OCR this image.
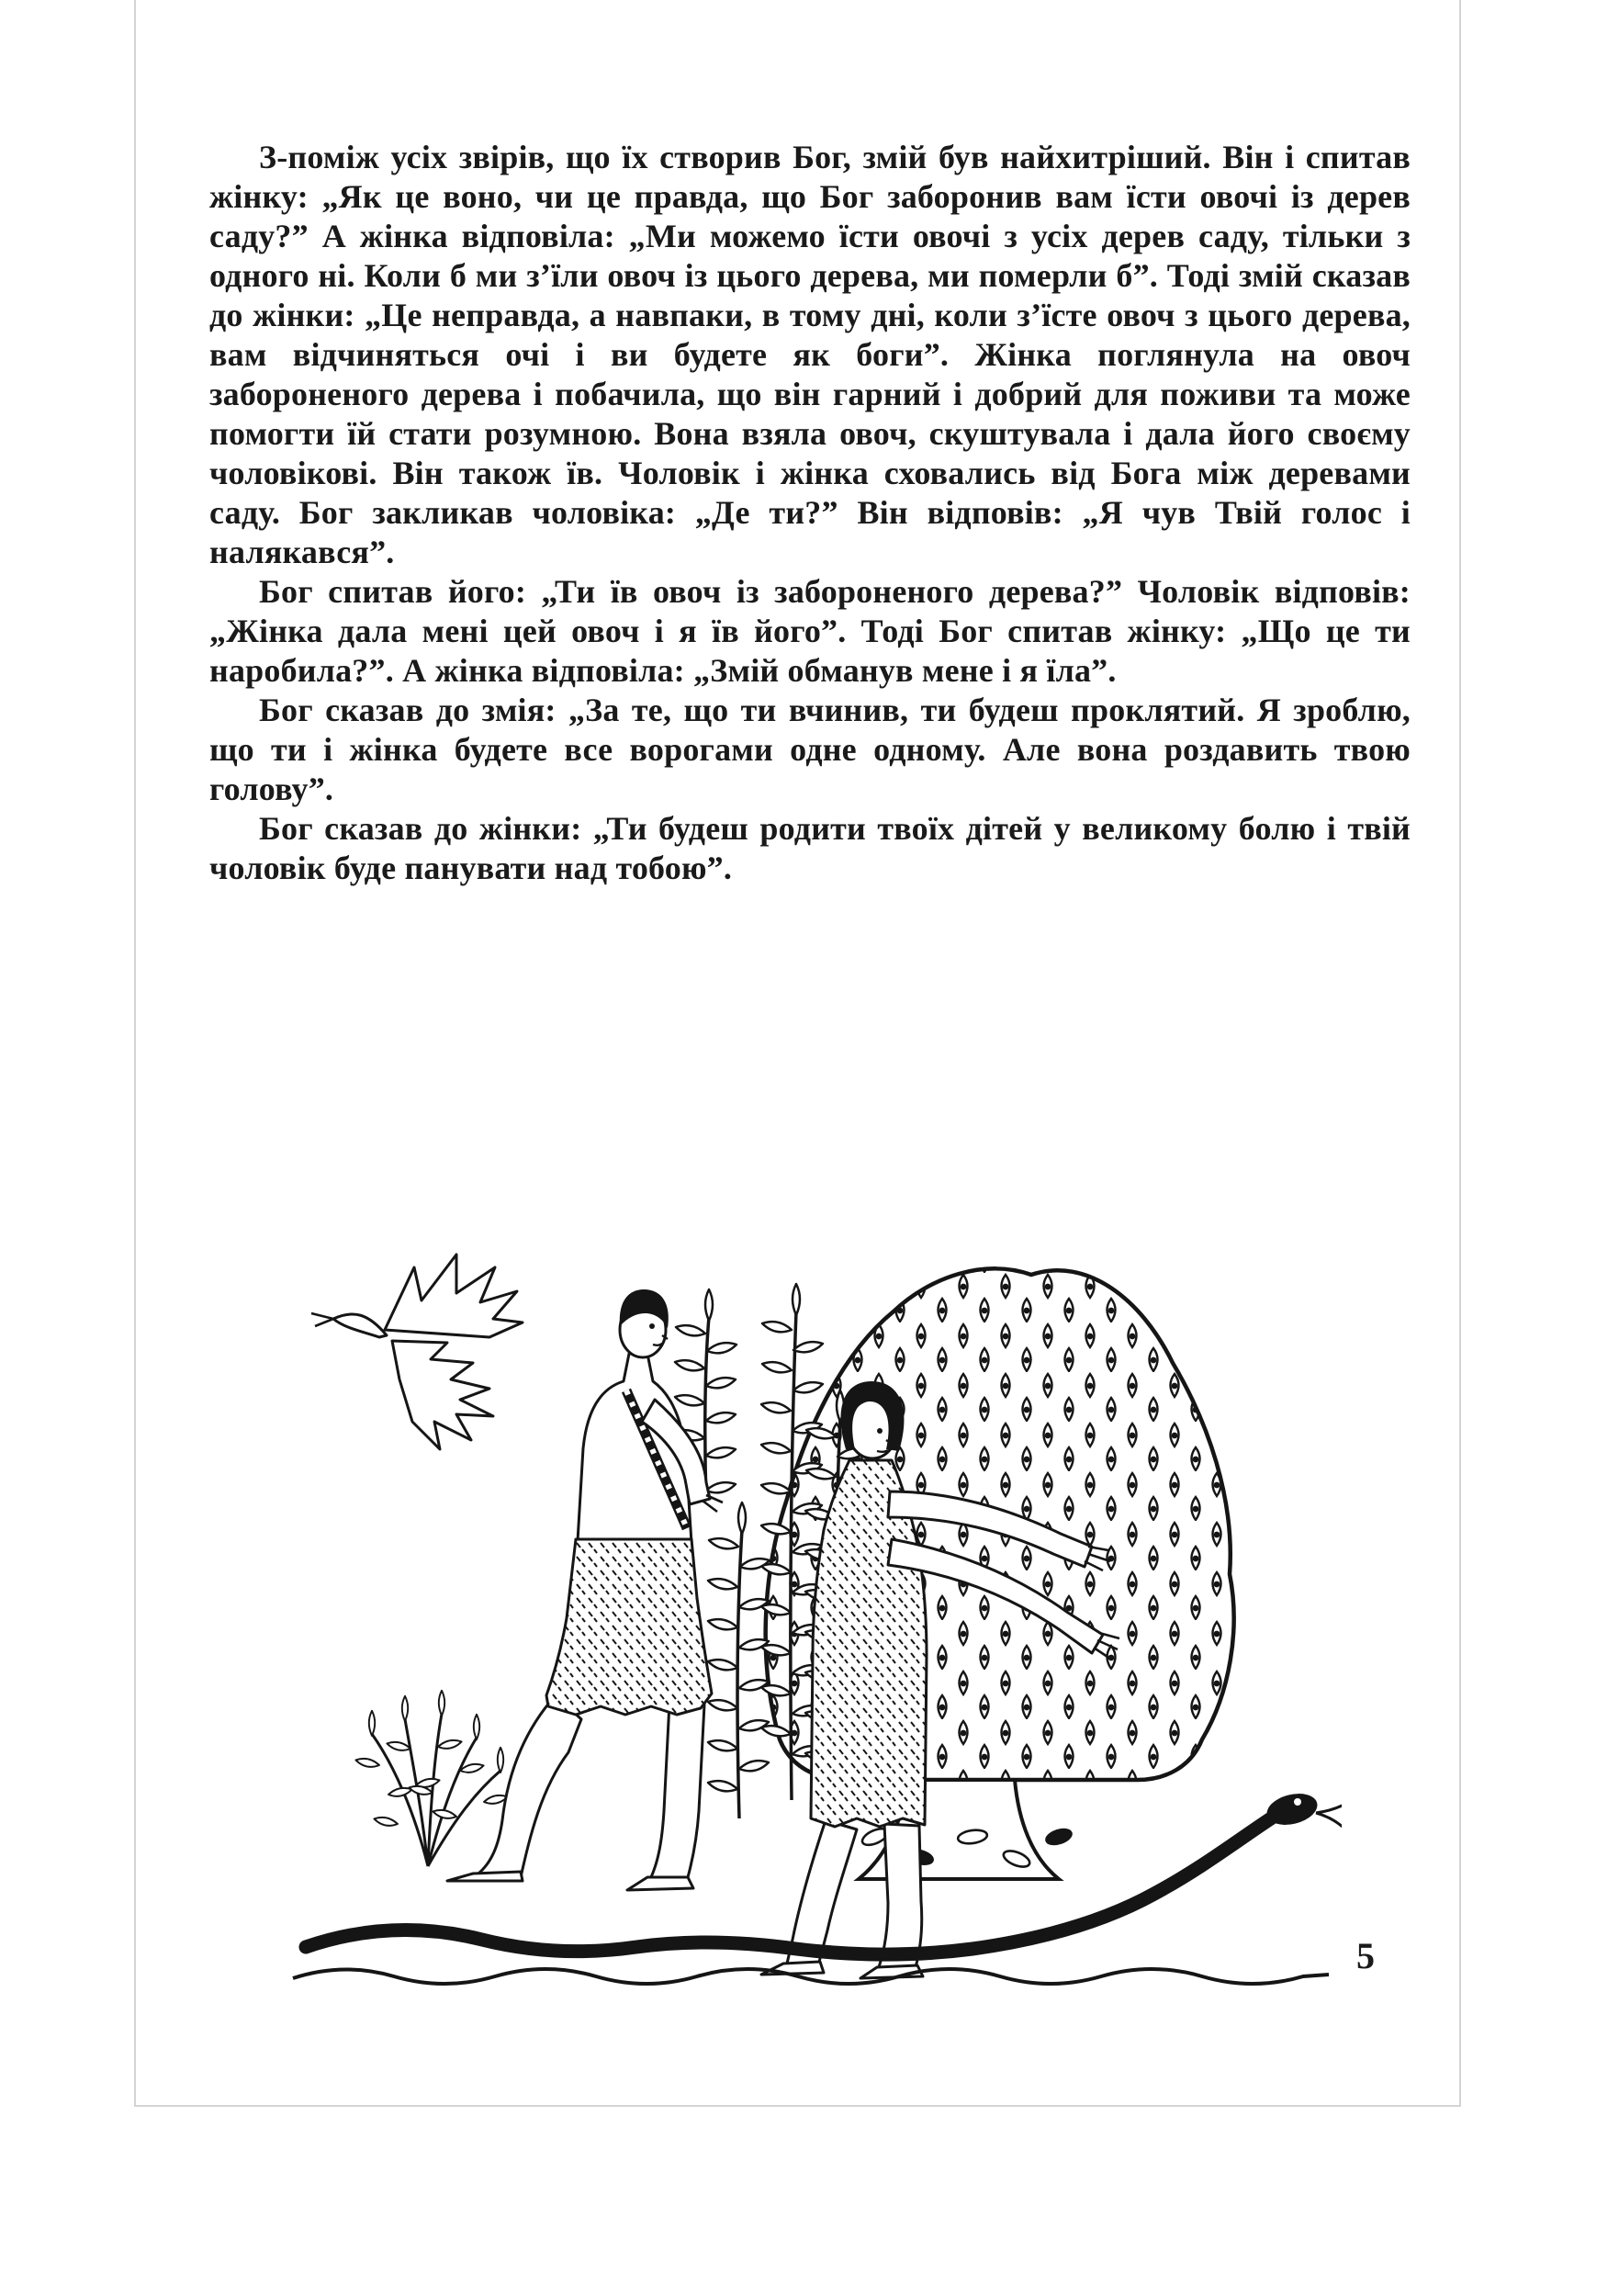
З-поміж усіх звірів, що їх створив Бог, змій був найхитріший. Він і спитав жінку: „Як це воно, чи це правда, що Бог заборонив вам їсти овочі із дерев саду?” А жінка відповіла: „Ми можемо їсти овочі з усіх дерев саду, тільки з одного ні. Коли б ми з’їли овоч із цього дерева, ми померли б”. Тоді змій сказав до жінки: „Це неправда, а навпаки, в тому дні, коли з’їсте овоч з цього дерева, вам відчиняться очі і ви будете як боги”. Жінка поглянула на овоч забороненого дерева і побачила, що він гарний і добрий для поживи та може помогти їй стати розумною. Вона взяла овоч, скуштувала і дала його своєму чоловікові. Він також їв. Чоловік і жінка сховались від Бога між деревами саду. Бог закликав чоловіка: „Де ти?” Він відповів: „Я чув Твій голос і налякався”.

Бог спитав його: „Ти їв овоч із забороненого дерева?” Чоловік відповів: „Жінка дала мені цей овоч і я їв його”. Тоді Бог спитав жінку: „Що це ти наробила?”. А жінка відповіла: „Змій обманув мене і я їла”.

Бог сказав до змія: „За те, що ти вчинив, ти будеш проклятий. Я зроблю, що ти і жінка будете все ворогами одне одному. Але вона роздавить твою голову”.

Бог сказав до жінки: „Ти будеш родити твоїх дітей у великому болю і твій чоловік буде панувати над тобою”.

5
